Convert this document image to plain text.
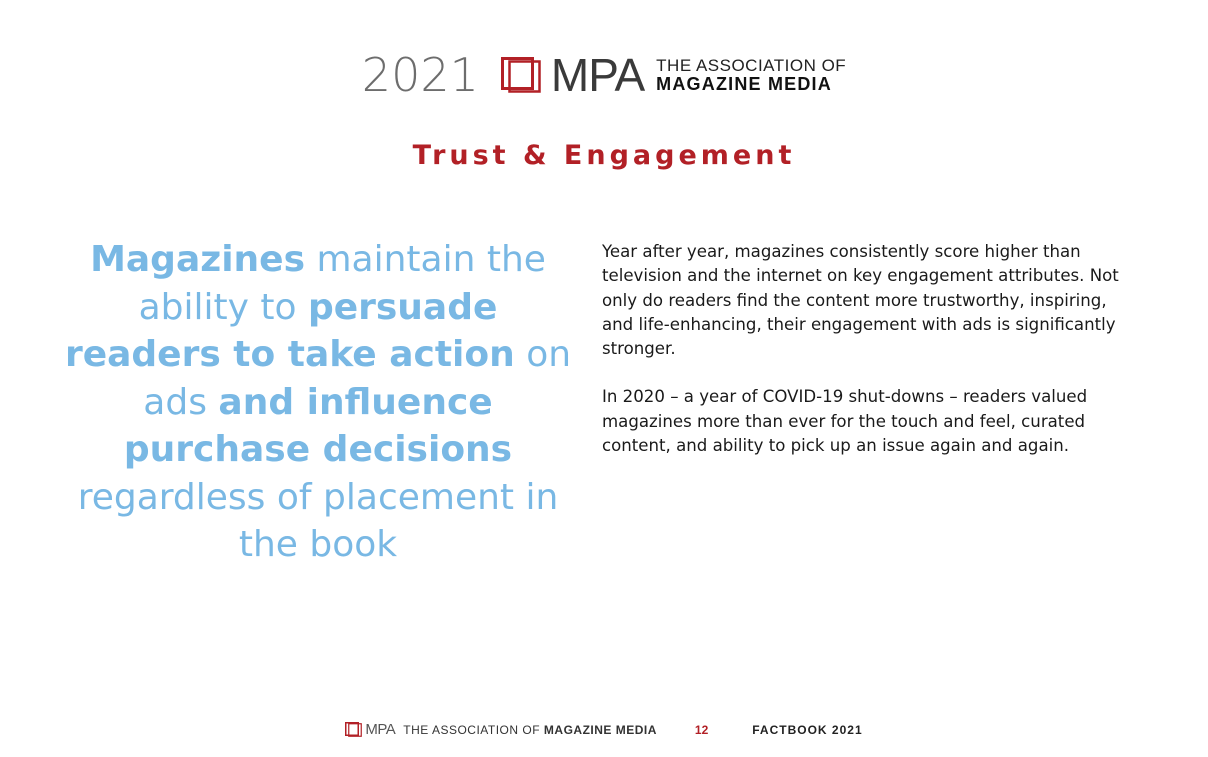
2021 MPA THE ASSOCIATION OF
MAGAZINE MEDIA
Trust & Engagement
Magazines maintain the ability to persuade readers to take action on ads and influence purchase decisions regardless of placement in the book

Year after year, magazines consistently score higher than television and the internet on key engagement attributes. Not only do readers find the content more trustworthy, inspiring, and life-enhancing, their engagement with ads is significantly stronger.

In 2020 – a year of COVID-19 shut-downs – readers valued magazines more than ever for the touch and feel, curated content, and ability to pick up an issue again and again.

MPA THE ASSOCIATION OF MAGAZINE MEDIA	12	FACTBOOK 2021
